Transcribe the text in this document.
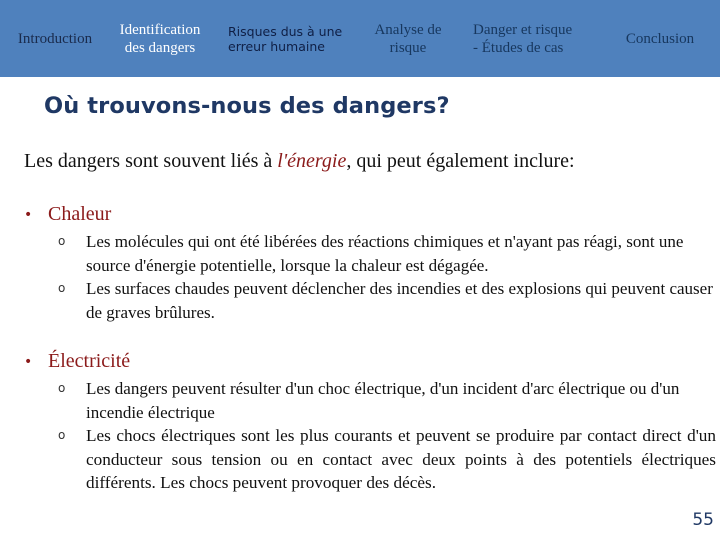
Introduction
Identification
des dangers
Risques dus à une
erreur humaine
Analyse de
risque
Danger et risque
- Études de cas
Conclusion
Où trouvons-nous des dangers?

Les dangers sont souvent liés à l'énergie, qui peut également inclure:

• Chaleur
o Les molécules qui ont été libérées des réactions chimiques et n'ayant pas réagi, sont une source d'énergie potentielle, lorsque la chaleur est dégagée.
o Les surfaces chaudes peuvent déclencher des incendies et des explosions qui peuvent causer de graves brûlures.
• Électricité
o Les dangers peuvent résulter d'un choc électrique, d'un incident d'arc électrique ou d'un incendie électrique
o Les chocs électriques sont les plus courants et peuvent se produire par contact direct d'un conducteur sous tension ou en contact avec deux points à des potentiels électriques différents. Les chocs peuvent provoquer des décès.
55
